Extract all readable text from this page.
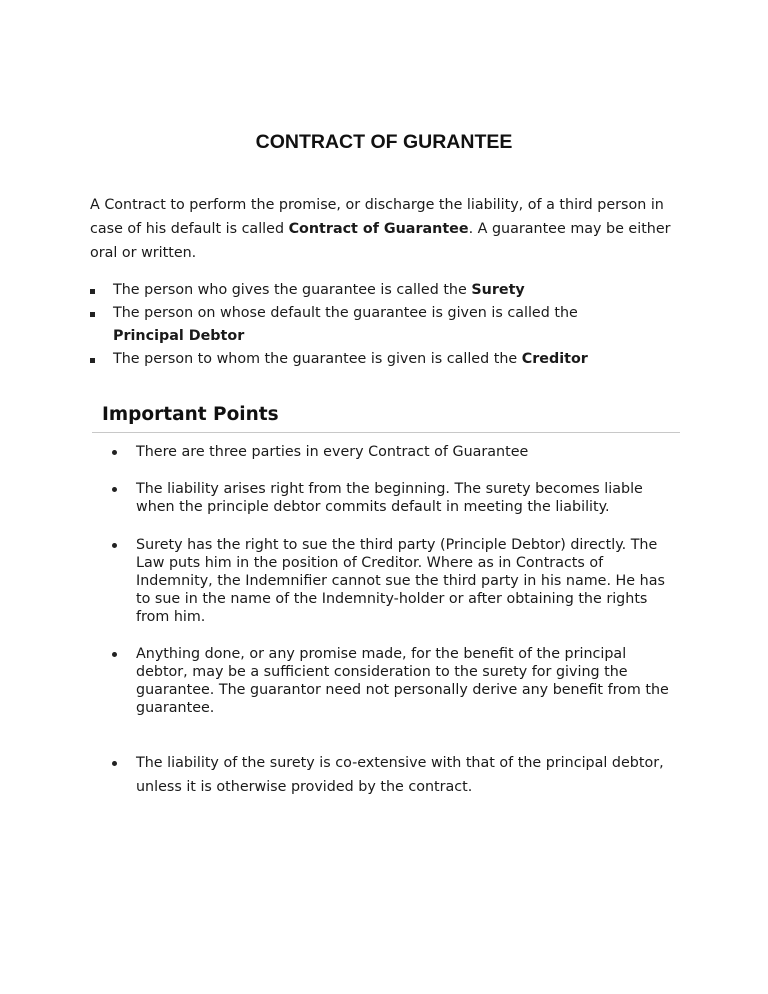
CONTRACT OF GURANTEE

A Contract to perform the promise, or discharge the liability, of a third person in case of his default is called Contract of Guarantee. A guarantee may be either oral or written.

The person who gives the guarantee is called the Surety
The person on whose default the guarantee is given is called the Principal Debtor
The person to whom the guarantee is given is called the Creditor
Important Points
There are three parties in every Contract of Guarantee
The liability arises right from the beginning. The surety becomes liable when the principle debtor commits default in meeting the liability.
Surety has the right to sue the third party (Principle Debtor) directly. The Law puts him in the position of Creditor. Where as in Contracts of Indemnity, the Indemnifier cannot sue the third party in his name. He has to sue in the name of the Indemnity-holder or after obtaining the rights from him.
Anything done, or any promise made, for the benefit of the principal debtor, may be a sufficient consideration to the surety for giving the guarantee. The guarantor need not personally derive any benefit from the guarantee.
The liability of the surety is co-extensive with that of the principal debtor, unless it is otherwise provided by the contract.
